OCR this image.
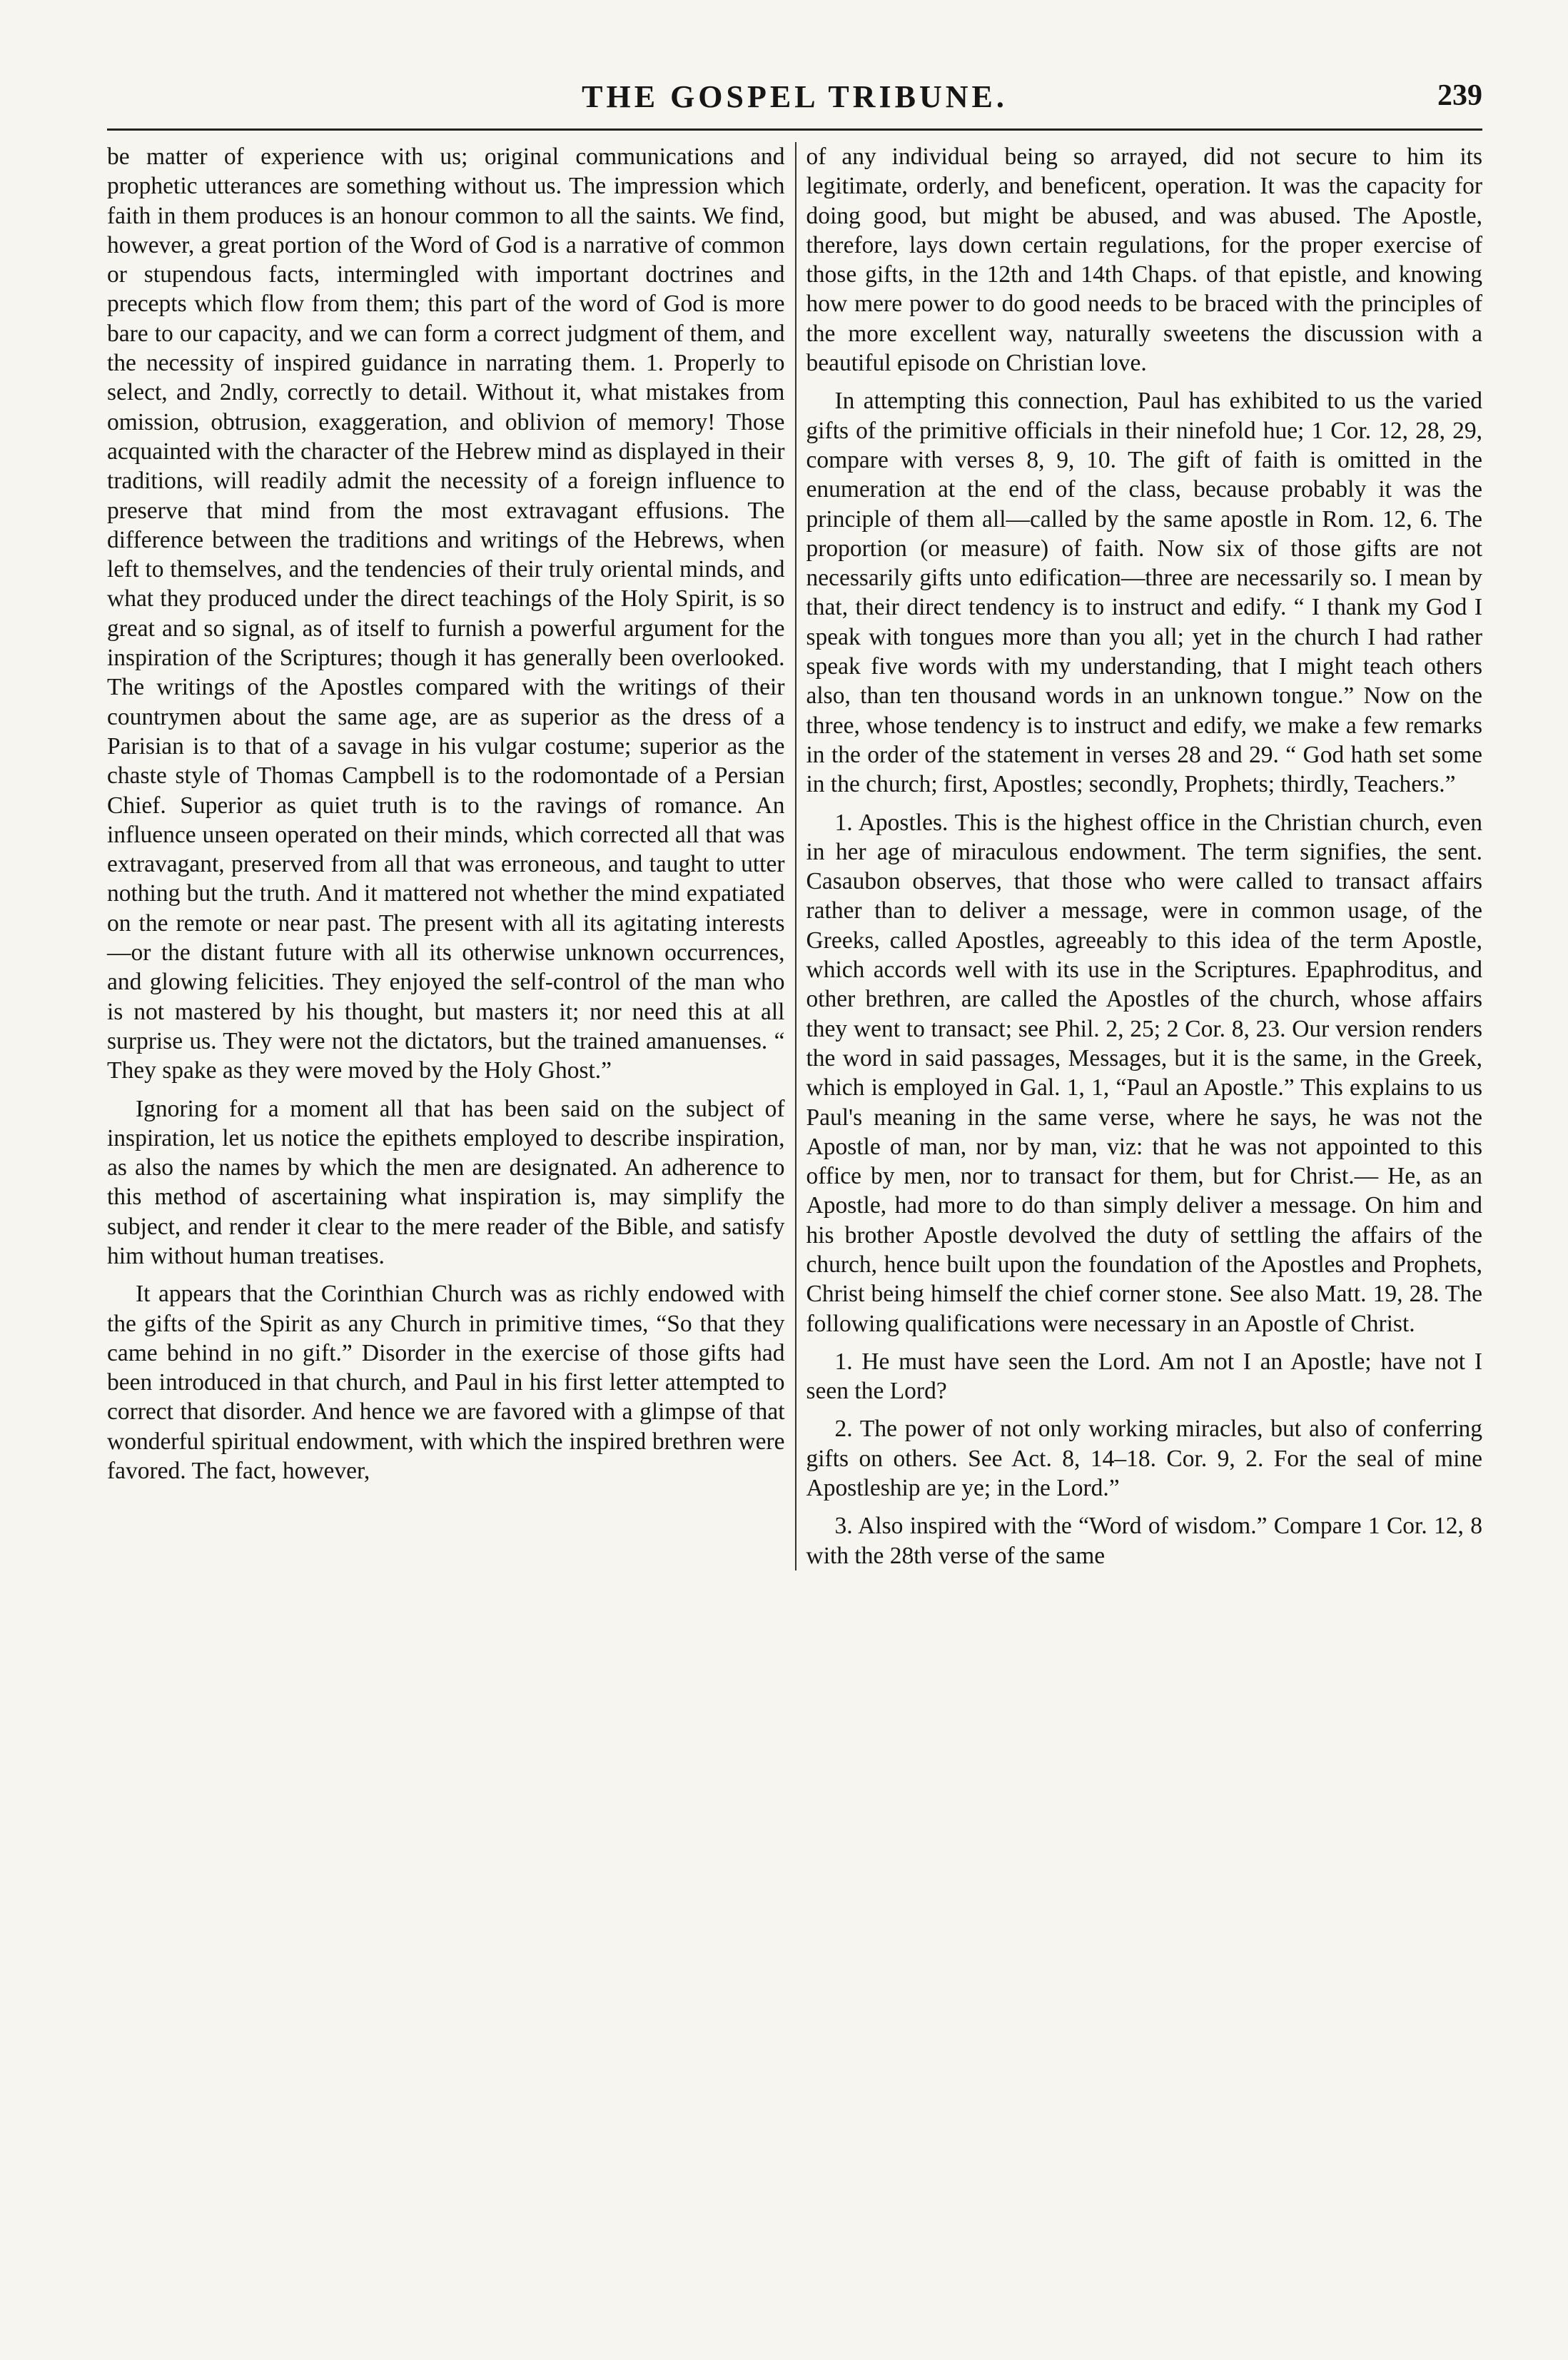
THE GOSPEL TRIBUNE.	239

be matter of experience with us; original communications and prophetic utterances are something without us. The impression which faith in them produces is an honour common to all the saints. We find, however, a great portion of the Word of God is a narrative of common or stupendous facts, intermingled with important doctrines and precepts which flow from them; this part of the word of God is more bare to our capacity, and we can form a correct judgment of them, and the necessity of inspired guidance in narrating them. 1. Properly to select, and 2ndly, correctly to detail. Without it, what mistakes from omission, obtrusion, exaggeration, and oblivion of memory! Those acquainted with the character of the Hebrew mind as displayed in their traditions, will readily admit the necessity of a foreign influence to preserve that mind from the most extravagant effusions. The difference between the traditions and writings of the Hebrews, when left to themselves, and the tendencies of their truly oriental minds, and what they produced under the direct teachings of the Holy Spirit, is so great and so signal, as of itself to furnish a powerful argument for the inspiration of the Scriptures; though it has generally been overlooked. The writings of the Apostles compared with the writings of their countrymen about the same age, are as superior as the dress of a Parisian is to that of a savage in his vulgar costume; superior as the chaste style of Thomas Campbell is to the rodomontade of a Persian Chief. Superior as quiet truth is to the ravings of romance. An influence unseen operated on their minds, which corrected all that was extravagant, preserved from all that was erroneous, and taught to utter nothing but the truth. And it mattered not whether the mind expatiated on the remote or near past. The present with all its agitating interests—or the distant future with all its otherwise unknown occurrences, and glowing felicities. They enjoyed the self-control of the man who is not mastered by his thought, but masters it; nor need this at all surprise us. They were not the dictators, but the trained amanuenses. “ They spake as they were moved by the Holy Ghost.”

Ignoring for a moment all that has been said on the subject of inspiration, let us notice the epithets employed to describe inspiration, as also the names by which the men are designated. An adherence to this method of ascertaining what inspiration is, may simplify the subject, and render it clear to the mere reader of the Bible, and satisfy him without human treatises.

It appears that the Corinthian Church was as richly endowed with the gifts of the Spirit as any Church in primitive times, “So that they came behind in no gift.” Disorder in the exercise of those gifts had been introduced in that church, and Paul in his first letter attempted to correct that disorder. And hence we are favored with a glimpse of that wonderful spiritual endowment, with which the inspired brethren were favored. The fact, however,

of any individual being so arrayed, did not secure to him its legitimate, orderly, and beneficent, operation. It was the capacity for doing good, but might be abused, and was abused. The Apostle, therefore, lays down certain regulations, for the proper exercise of those gifts, in the 12th and 14th Chaps. of that epistle, and knowing how mere power to do good needs to be braced with the principles of the more excellent way, naturally sweetens the discussion with a beautiful episode on Christian love.

In attempting this connection, Paul has exhibited to us the varied gifts of the primitive officials in their ninefold hue; 1 Cor. 12, 28, 29, compare with verses 8, 9, 10. The gift of faith is omitted in the enumeration at the end of the class, because probably it was the principle of them all—called by the same apostle in Rom. 12, 6. The proportion (or measure) of faith. Now six of those gifts are not necessarily gifts unto edification—three are necessarily so. I mean by that, their direct tendency is to instruct and edify. “ I thank my God I speak with tongues more than you all; yet in the church I had rather speak five words with my understanding, that I might teach others also, than ten thousand words in an unknown tongue.” Now on the three, whose tendency is to instruct and edify, we make a few remarks in the order of the statement in verses 28 and 29. “ God hath set some in the church; first, Apostles; secondly, Prophets; thirdly, Teachers.”

1. Apostles. This is the highest office in the Christian church, even in her age of miraculous endowment. The term signifies, the sent. Casaubon observes, that those who were called to transact affairs rather than to deliver a message, were in common usage, of the Greeks, called Apostles, agreeably to this idea of the term Apostle, which accords well with its use in the Scriptures. Epaphroditus, and other brethren, are called the Apostles of the church, whose affairs they went to transact; see Phil. 2, 25; 2 Cor. 8, 23. Our version renders the word in said passages, Messages, but it is the same, in the Greek, which is employed in Gal. 1, 1, “Paul an Apostle.” This explains to us Paul's meaning in the same verse, where he says, he was not the Apostle of man, nor by man, viz: that he was not appointed to this office by men, nor to transact for them, but for Christ.— He, as an Apostle, had more to do than simply deliver a message. On him and his brother Apostle devolved the duty of settling the affairs of the church, hence built upon the foundation of the Apostles and Prophets, Christ being himself the chief corner stone. See also Matt. 19, 28. The following qualifications were necessary in an Apostle of Christ.

1. He must have seen the Lord. Am not I an Apostle; have not I seen the Lord?

2. The power of not only working miracles, but also of conferring gifts on others. See Act. 8, 14–18. Cor. 9, 2. For the seal of mine Apostleship are ye; in the Lord.”

3. Also inspired with the “Word of wisdom.” Compare 1 Cor. 12, 8 with the 28th verse of the same
